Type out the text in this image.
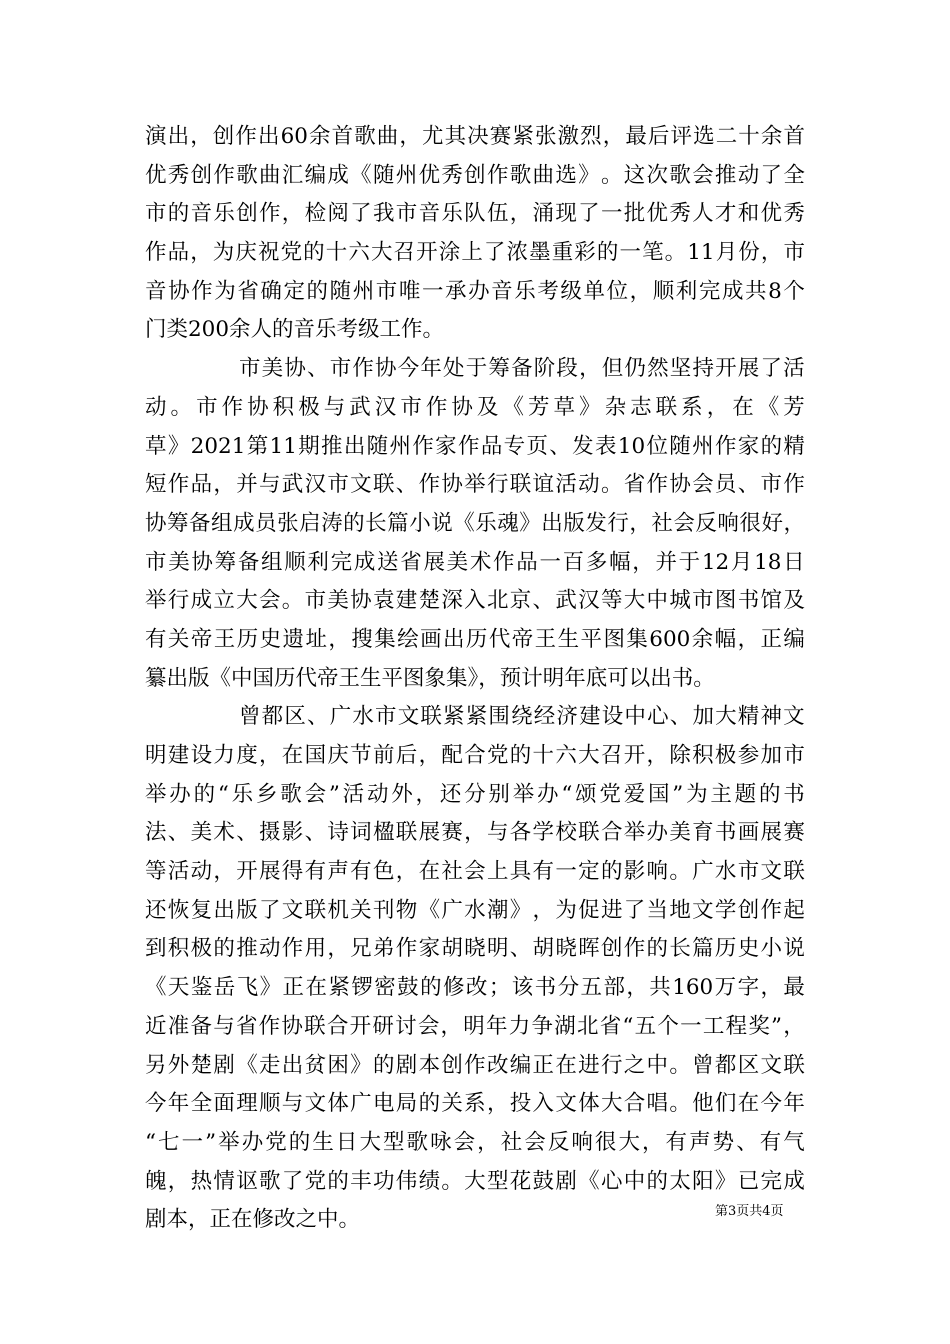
演 出 ， 创 作 出 60 余 首 歌 曲 ， 尤 其 决 赛 紧 张 激 烈 ， 最 后 评 选 二 十 余 首
优 秀 创 作 歌 曲 汇 编 成 《 随 州 优 秀 创 作 歌 曲 选 》 。 这 次 歌 会 推 动 了 全
市 的 音 乐 创 作 ， 检 阅 了 我 市 音 乐 队 伍 ， 涌 现 了 一 批 优 秀 人 才 和 优 秀
作 品 ， 为 庆 祝 党 的 十 六 大 召 开 涂 上 了 浓 墨 重 彩 的 一 笔 。 11 月 份 ， 市
音 协 作 为 省 确 定 的 随 州 市 唯 一 承 办 音 乐 考 级 单 位 ， 顺 利 完 成 共 8 个
门类200余人的音乐考级工作。
市 美 协 、 市 作 协 今 年 处 于 筹 备 阶 段 ， 但 仍 然 坚 持 开 展 了 活
动 。 市 作 协 积 极 与 武 汉 市 作 协 及 《 芳 草 》 杂 志 联 系 ， 在 《 芳
草 》 2021 第 11 期 推 出 随 州 作 家 作 品 专 页 、 发 表 10 位 随 州 作 家 的 精
短 作 品 ， 并 与 武 汉 市 文 联 、 作 协 举 行 联 谊 活 动 。 省 作 协 会 员 、 市 作
协 筹 备 组 成 员 张 启 涛 的 长 篇 小 说 《 乐 魂 》 出 版 发 行 ， 社 会 反 响 很 好 ，
市 美 协 筹 备 组 顺 利 完 成 送 省 展 美 术 作 品 一 百 多 幅 ， 并 于 12 月 18 日
举 行 成 立 大 会 。 市 美 协 袁 建 楚 深 入 北 京 、 武 汉 等 大 中 城 市 图 书 馆 及
有 关 帝 王 历 史 遗 址 ， 搜 集 绘 画 出 历 代 帝 王 生 平 图 集 600 余 幅 ， 正 编
纂出版《中国历代帝王生平图象集》，预计明年底可以出书。
曾 都 区 、 广 水 市 文 联 紧 紧 围 绕 经 济 建 设 中 心 、 加 大 精 神 文
明 建 设 力 度 ， 在 国 庆 节 前 后 ， 配 合 党 的 十 六 大 召 开 ， 除 积 极 参 加 市
举 办 的 “ 乐 乡 歌 会 ” 活 动 外 ， 还 分 别 举 办 “ 颂 党 爱 国 ” 为 主 题 的 书
法 、 美 术 、 摄 影 、 诗 词 楹 联 展 赛 ， 与 各 学 校 联 合 举 办 美 育 书 画 展 赛
等 活 动 ， 开 展 得 有 声 有 色 ， 在 社 会 上 具 有 一 定 的 影 响 。 广 水 市 文 联
还 恢 复 出 版 了 文 联 机 关 刊 物 《 广 水 潮 》 ， 为 促 进 了 当 地 文 学 创 作 起
到 积 极 的 推 动 作 用 ， 兄 弟 作 家 胡 晓 明 、 胡 晓 晖 创 作 的 长 篇 历 史 小 说
《 天 鉴 岳 飞 》 正 在 紧 锣 密 鼓 的 修 改 ； 该 书 分 五 部 ， 共 160 万 字 ， 最
近 准 备 与 省 作 协 联 合 开 研 讨 会 ， 明 年 力 争 湖 北 省 “ 五 个 一 工 程 奖 ” ，
另 外 楚 剧 《 走 出 贫 困 》 的 剧 本 创 作 改 编 正 在 进 行 之 中 。 曾 都 区 文 联
今 年 全 面 理 顺 与 文 体 广 电 局 的 关 系 ， 投 入 文 体 大 合 唱 。 他 们 在 今 年
“ 七 一 ” 举 办 党 的 生 日 大 型 歌 咏 会 ， 社 会 反 响 很 大 ， 有 声 势 、 有 气
魄 ， 热 情 讴 歌 了 党 的 丰 功 伟 绩 。 大 型 花 鼓 剧 《 心 中 的 太 阳 》 已 完 成
剧本，正在修改之中。	第3页共4页
